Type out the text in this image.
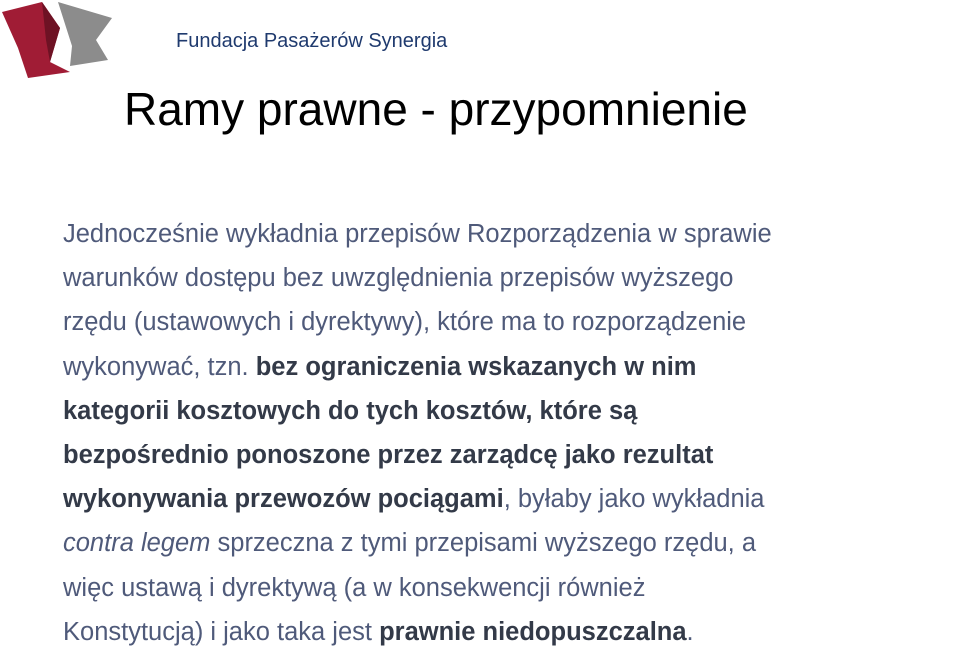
Fundacja Pasażerów Synergia
Ramy prawne - przypomnienie
Jednocześnie wykładnia przepisów Rozporządzenia w sprawie
warunków dostępu bez uwzględnienia przepisów wyższego
rzędu (ustawowych i dyrektywy), które ma to rozporządzenie
wykonywać, tzn. bez ograniczenia wskazanych w nim
kategorii kosztowych do tych kosztów, które są
bezpośrednio ponoszone przez zarządcę jako rezultat
wykonywania przewozów pociągami, byłaby jako wykładnia
contra legem sprzeczna z tymi przepisami wyższego rzędu, a
więc ustawą i dyrektywą (a w konsekwencji również
Konstytucją) i jako taka jest prawnie niedopuszczalna.
